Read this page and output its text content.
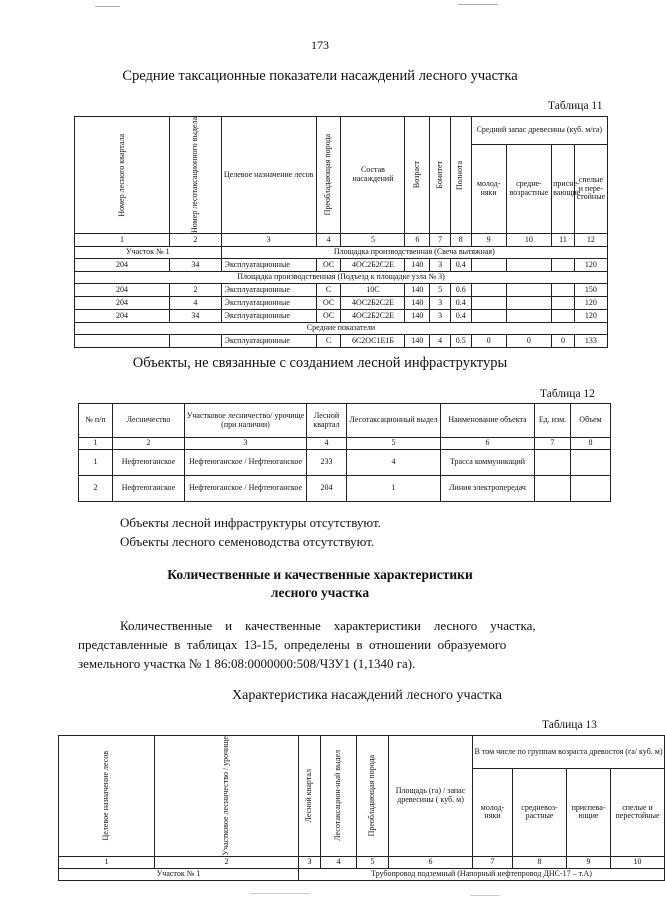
173
Средние таксационные показатели насаждений лесного участка
Таблица 11
Номер лесного квартала	Номер лесотаксационного выдела	Целевое назначение лесов	Преобладающая порода	Состав насаждений	Возраст	Бонитет	Полнота	Средний запас древесины (куб. м/га)			
								молод-няки	средне-возрастные	присне-вающие	спелые и пере-стойные
1	2	3	4	5	6	7	8	9	10	11	12
Участок № 1		Площадка производственная (Свеча вытяжная)									
204	34	Эксплуатационные	ОС	4ОС2Б2С2Е	140	3	0.4				120
Площадка производственная (Подъезд к площадке узла № 3)											
204	2	Эксплуатационные	С	10С	140	5	0.6				150
204	4	Эксплуатационные	ОС	4ОС2Б2С2Е	140	3	0.4				120
204	34	Эксплуатационные	ОС	4ОС2Б2С2Е	140	3	0.4				120
Средние показатели											
		Эксплуатационные	С	6С2ОС1Е1Б	140	4	0.5	0	0	0	133
Объекты, не связанные с созданием лесной инфраструктуры
Таблица 12
№ п/п	Лесничество	Участковое лесничество/ урочище (при наличии)	Лесной квартал	Лесотаксационный выдел	Наименование объекта	Ед. изм.	Объем
1	2	3	4	5	6	7	8
1	Нефтеюганское	Нефтеюганское / Нефтеюганское	233	4	Трасса коммуникаций		
2	Нефтеюганское	Нефтеюганское / Нефтеюганское	204	1	Линия электропередач		
Объекты лесной инфраструктуры отсутствуют.
Объекты лесного семеноводства отсутствуют.
Количественные и качественные характеристики
лесного участка
Количественные    и    качественные    характеристики    лесного    участка,
представленные  в  таблицах  13-15,  определены  в  отношении  образуемого
земельного участка № 1 86:08:0000000:508/ЧЗУ1 (1,1340 га).
Характеристика насаждений лесного участка
Таблица 13
Целевое назначение лесов	Участковое лесничество / урочище	Лесной квартал	Лесотаксацион-ный выдел	Преобладающая порода	Площадь (га) / запас древесины ( куб. м)	В том числе по группам возраста древостоя (га/ куб. м)			
						молод-няки	средневоз-растные	приспева-ющие	спелые и перестойные
1	2	3	4	5	6	7	8	9	10
Участок № 1		Трубопровод подземный (Напорный нефтепровод ДНС-17 – т.А)							
